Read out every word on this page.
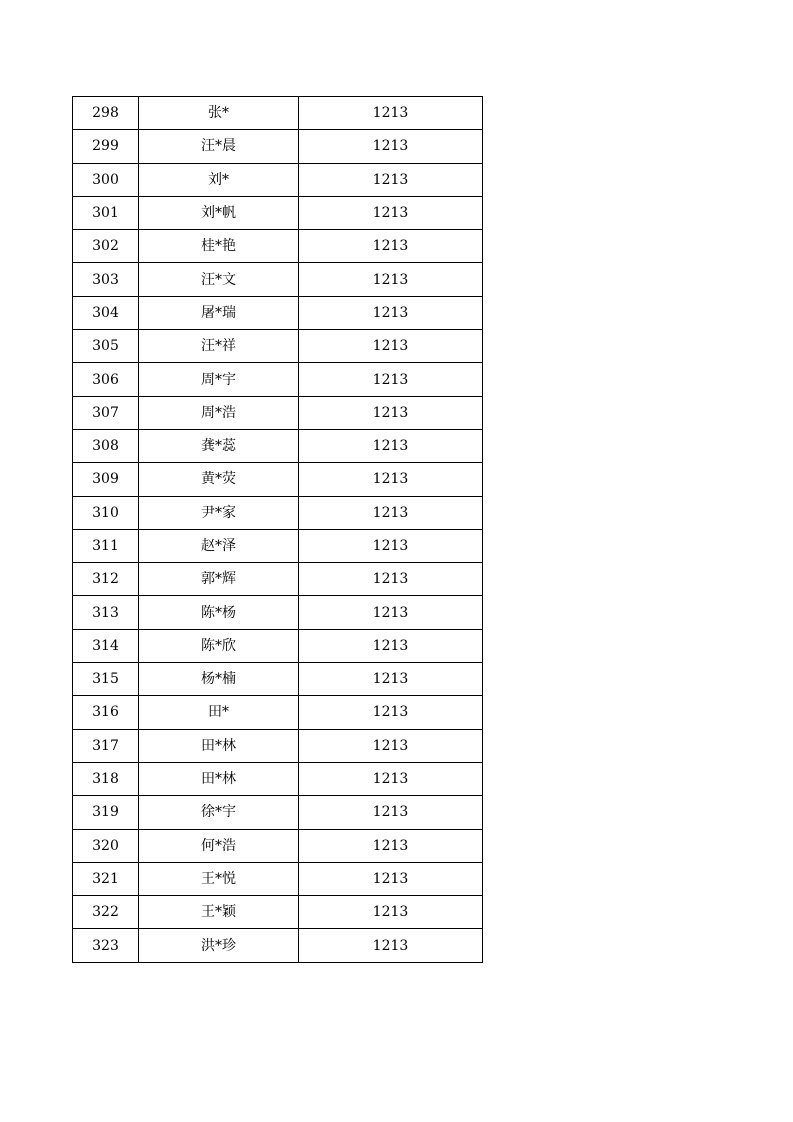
298	张*	1213
299	汪*晨	1213
300	刘*	1213
301	刘*帆	1213
302	桂*艳	1213
303	汪*文	1213
304	屠*瑞	1213
305	汪*祥	1213
306	周*宇	1213
307	周*浩	1213
308	龚*蕊	1213
309	黄*荧	1213
310	尹*家	1213
311	赵*泽	1213
312	郭*辉	1213
313	陈*杨	1213
314	陈*欣	1213
315	杨*楠	1213
316	田*	1213
317	田*林	1213
318	田*林	1213
319	徐*宇	1213
320	何*浩	1213
321	王*悦	1213
322	王*颖	1213
323	洪*珍	1213
